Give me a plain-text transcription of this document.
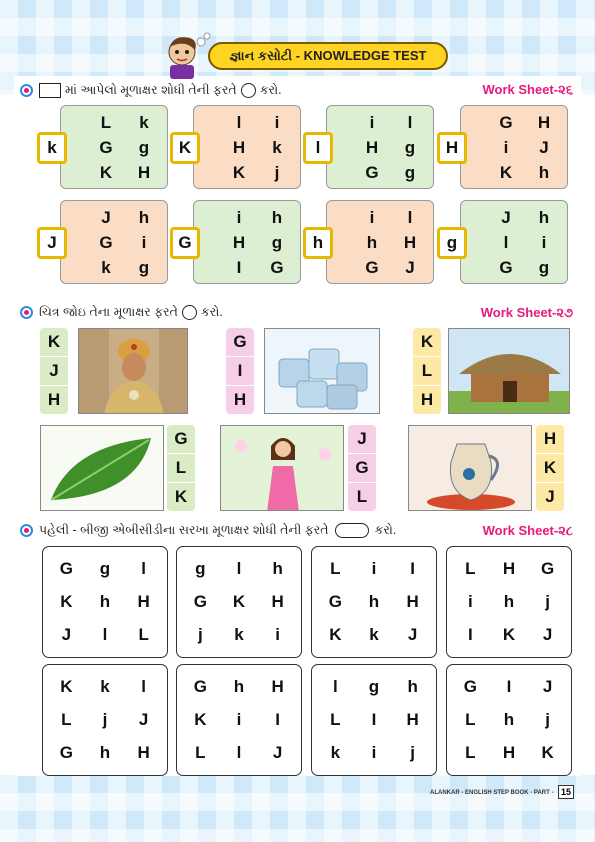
જ્ઞાન કસોટી - KNOWLEDGE TEST
માં આપેલો મૂળાક્ષર શોધી તેની ફરતે કરો.	Work Sheet-૨૬
k
L	k
G	g
K	H
K
l	i
H	k
K	j
l
i	l
H	g
G	g
H
G	H
i	J
K	h
J
J	h
G	i
k	g
G
i	h
H	g
I	G
h
i	l
h	H
G	J
g
J	h
l	i
G	g
ચિત્ર જોઇ તેના મૂળાક્ષર ફરતે કરો.	Work Sheet-૨૭
K
J
H
G
I
H
K
L
H
G
L
K
J
G
L
H
K
J
પહેલી - બીજી એબીસીડીના સરખા મૂળાક્ષર શોધી તેની ફરતે	કરો.	Work Sheet-૨૮
G	g	l
K	h	H
J	l	L
g	l	h
G	K	H
j	k	i
L	i	I
G	h	H
K	k	J
L	H	G
i	h	j
I	K	J
K	k	l
L	j	J
G	h	H
G	h	H
K	i	I
L	l	J
l	g	h
L	I	H
k	i	j
G	I	J
L	h	j
L	H	K
ALANKAR - ENGLISH STEP BOOK - PART - 15
